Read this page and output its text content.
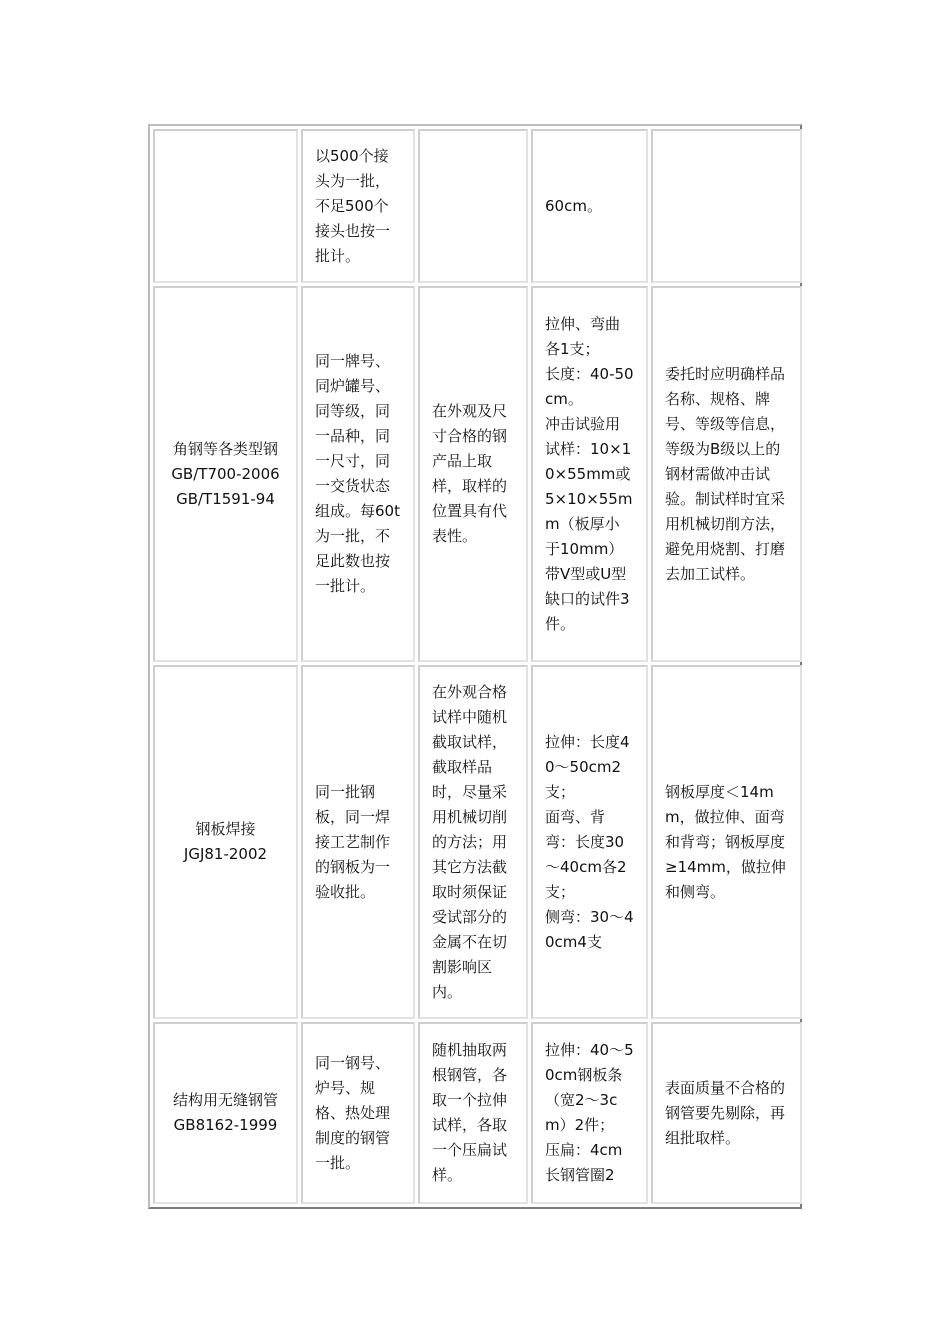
	以500个接头为一批，不足500个接头也按一批计。		60cm。	
角钢等各类型钢
GB/T700-2006
GB/T1591-94	同一牌号、同炉罐号、同等级，同一品种，同一尺寸，同一交货状态组成。每60t为一批，不足此数也按一批计。	在外观及尺寸合格的钢产品上取样，取样的位置具有代表性。	拉伸、弯曲各1支；
长度：40-50cm。
冲击试验用试样：10×10×55mm或5×10×55mm（板厚小于10mm）带V型或U型缺口的试件3件。	委托时应明确样品名称、规格、牌号、等级等信息，等级为B级以上的钢材需做冲击试验。制试样时宜采用机械切削方法，避免用烧割、打磨去加工试样。
钢板焊接
JGJ81-2002	同一批钢板，同一焊接工艺制作的钢板为一验收批。	在外观合格试样中随机截取试样，截取样品时，尽量采用机械切削的方法；用其它方法截取时须保证受试部分的金属不在切割影响区内。	拉伸：长度40～50cm2支；
面弯、背弯：长度30～40cm各2支；
侧弯：30～40cm4支	钢板厚度＜14mm，做拉伸、面弯和背弯；钢板厚度≥14mm，做拉伸和侧弯。
结构用无缝钢管
GB8162-1999	同一钢号、炉号、规格、热处理制度的钢管一批。	随机抽取两根钢管，各取一个拉伸试样，各取一个压扁试样。	拉伸：40～50cm钢板条（宽2～3cm）2件；
压扁：4cm长钢管圈2	表面质量不合格的钢管要先剔除，再组批取样。
